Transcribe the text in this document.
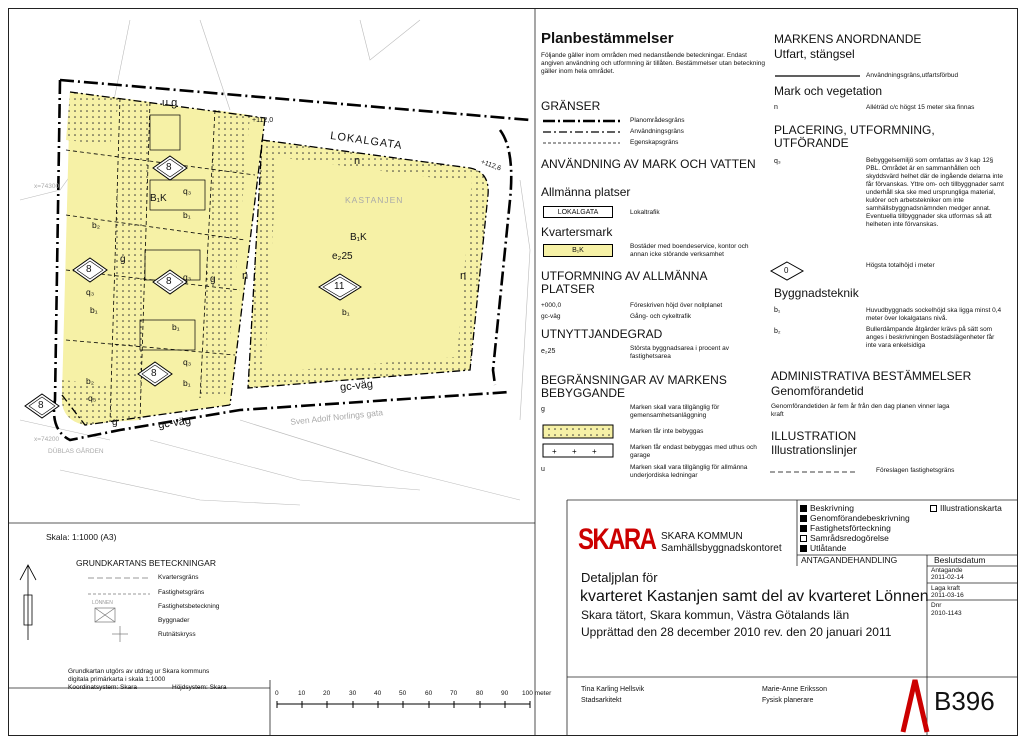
+ + +
LOKALGATA
KASTANJEN
Sven Adolf Norlings gata
gc-väg
gc-väg
+112,0
+112,6
x=74300
x=74200
DÜBLAS GÅRDEN
B₁K
B₁K
e₂25
q₃
q₃
q₃
q₃
q₃
u g
n
n	n
b₁
b₁
b₁
b₁
b₁
b₂
b₂
g
g
g
8
8
8
8
8
11
Planbestämmelser
Följande gäller inom områden med nedanstående beteckningar. Endast angiven användning och utformning är tillåten. Bestämmelser utan beteckning gäller inom hela området.
GRÄNSER
Planområdesgräns
Användningsgräns
Egenskapsgräns
ANVÄNDNING AV MARK OCH VATTEN
Allmänna platser
LOKALGATA	Lokaltrafik
Kvartersmark
B₁K
Bostäder med boendeservice, kontor och annan icke störande verksamhet
UTFORMNING AV ALLMÄNNA PLATSER
+000,0	Föreskriven höjd över nollplanet
gc-väg	Gång- och cykeltrafik
UTNYTTJANDEGRAD
e₂25	Största byggnadsarea i procent av fastighetsarea
BEGRÄNSNINGAR AV MARKENS BEBYGGANDE
g	Marken skall vara tillgänglig för gemensamhetsanläggning
Marken får inte bebyggas
Marken får endast bebyggas med uthus och garage
u	Marken skall vara tillgänglig för allmänna underjordiska ledningar
MARKENS ANORDNANDE
Utfart, stängsel
Användningsgräns,utfartsförbud
Mark och vegetation
n	Alléträd c/c högst 15 meter ska finnas
PLACERING, UTFORMNING, UTFÖRANDE
q₃	Bebyggelsemiljö som omfattas av 3 kap 12§ PBL. Området är en sammanhållen och skyddsvärd helhet där de ingående delarna inte får förvanskas. Yttre om- och tillbyggnader samt underhåll ska ske med ursprungliga material, kulörer och arbetstekniker om inte samhällsbyggnadsnämnden medger annat. Eventuella tillbyggnader ska utformas så att helheten inte förvanskas.
0
Högsta totalhöjd i meter
Byggnadsteknik
b₁	Huvudbyggnads sockelhöjd ska ligga minst 0,4 meter över lokalgatans nivå.
b₂	Bullerdämpande åtgärder krävs på sätt som anges i beskrivningen Bostadslägenheter får inte vara enkelsidiga
ADMINISTRATIVA BESTÄMMELSER
Genomförandetid
Genomförandetiden är fem år från den dag planen vinner laga kraft
ILLUSTRATION
Illustrationslinjer
Föreslagen fastighetsgräns
Skala: 1:1000 (A3)
GRUNDKARTANS BETECKNINGAR
Kvartersgräns
Fastighetsgräns
Fastighetsbeteckning
Byggnader
Rutnätskryss
LÖNNEN
Grundkartan utgörs av utdrag ur Skara kommuns
digitala primärkarta i skala 1:1000
Koordinatsystem: Skara	Höjdsystem: Skara
0	10	20	30	40	50	60	70	80	90 100 meter
SKARA SKARA KOMMUN
Samhällsbyggnadskontoret
Beskrivning
Genomförandebeskrivning
Fastighetsförteckning
Samrådsredogörelse
Utlåtande
Illustrationskarta
ANTAGANDEHANDLING	Beslutsdatum
Antagande
2011-02-14
Laga kraft
2011-03-16
Dnr
2010-1143
Detaljplan för
kvarteret Kastanjen samt del av kvarteret Lönnen
Skara tätort, Skara kommun, Västra Götalands län
Upprättad den 28 december 2010 rev. den 20 januari 2011
Tina Karling Hellsvik
Stadsarkitekt
Marie-Anne Eriksson
Fysisk planerare	B396
